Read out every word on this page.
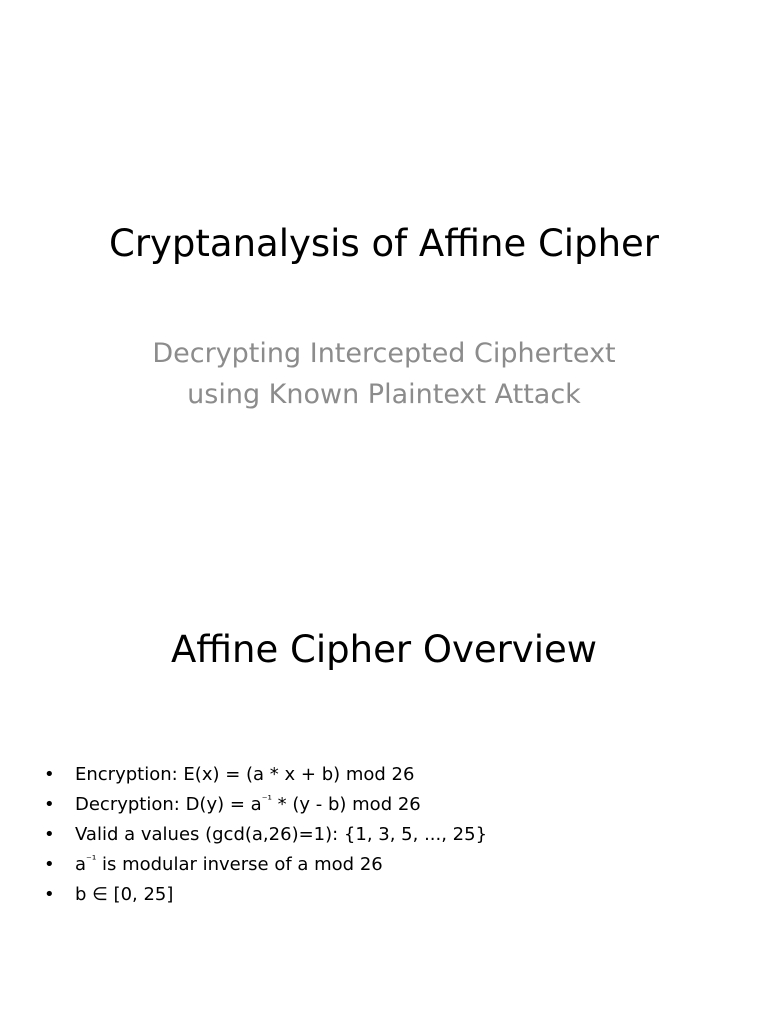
Cryptanalysis of Affine Cipher
Decrypting Intercepted Ciphertext
using Known Plaintext Attack
Affine Cipher Overview
• Encryption: E(x) = (a * x + b) mod 26
• Decryption: $D(y) = a^{^{-1}} * (y - b)$ mod 26
• Valid a values (gcd(a,26)=1): {1, 3, 5, ..., 25}
• $a^{^{-1}}$ is modular inverse of a mod 26
• b ∈ [0, 25]
